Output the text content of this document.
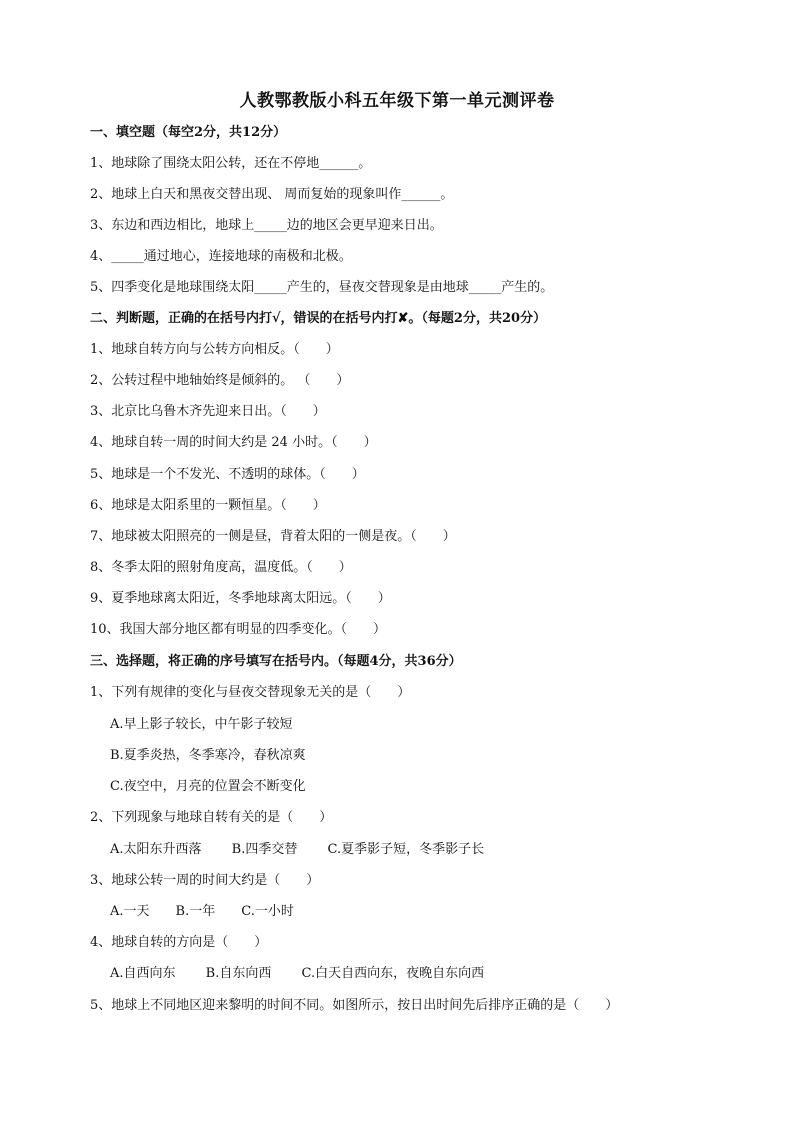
人教鄂教版小科五年级下第一单元测评卷
一、填空题（每空2分，共12分）
1、地球除了围绕太阳公转，还在不停地______。
2、地球上白天和黑夜交替出现、 周而复始的现象叫作______。
3、东边和西边相比，地球上_____边的地区会更早迎来日出。
4、_____通过地心，连接地球的南极和北极。
5、四季变化是地球围绕太阳_____产生的，昼夜交替现象是由地球_____产生的。
二、判断题，正确的在括号内打√，错误的在括号内打✘。（每题2分，共20分）
1、地球自转方向与公转方向相反。（　　）
2、公转过程中地轴始终是倾斜的。 （　　）
3、北京比乌鲁木齐先迎来日出。（　　）
4、地球自转一周的时间大约是 24 小时。（　　）
5、地球是一个不发光、不透明的球体。（　　）
6、地球是太阳系里的一颗恒星。（　　）
7、地球被太阳照亮的一侧是昼，背着太阳的一侧是夜。（　　）
8、冬季太阳的照射角度高，温度低。（　　）
9、夏季地球离太阳近，冬季地球离太阳远。（　　）
10、我国大部分地区都有明显的四季变化。（　　）
三、选择题，将正确的序号填写在括号内。（每题4分，共36分）
1、下列有规律的变化与昼夜交替现象无关的是（　　）
A.早上影子较长，中午影子较短
B.夏季炎热，冬季寒冷，春秋凉爽
C.夜空中，月亮的位置会不断变化
2、下列现象与地球自转有关的是（　　）
A.太阳东升西落　　 B.四季交替　　 C.夏季影子短，冬季影子长
3、地球公转一周的时间大约是（　　）
A.一天　　B.一年　　C.一小时
4、地球自转的方向是（　　）
A.自西向东　　 B.自东向西　　 C.白天自西向东，夜晚自东向西
5、地球上不同地区迎来黎明的时间不同。如图所示，按日出时间先后排序正确的是（　　）
